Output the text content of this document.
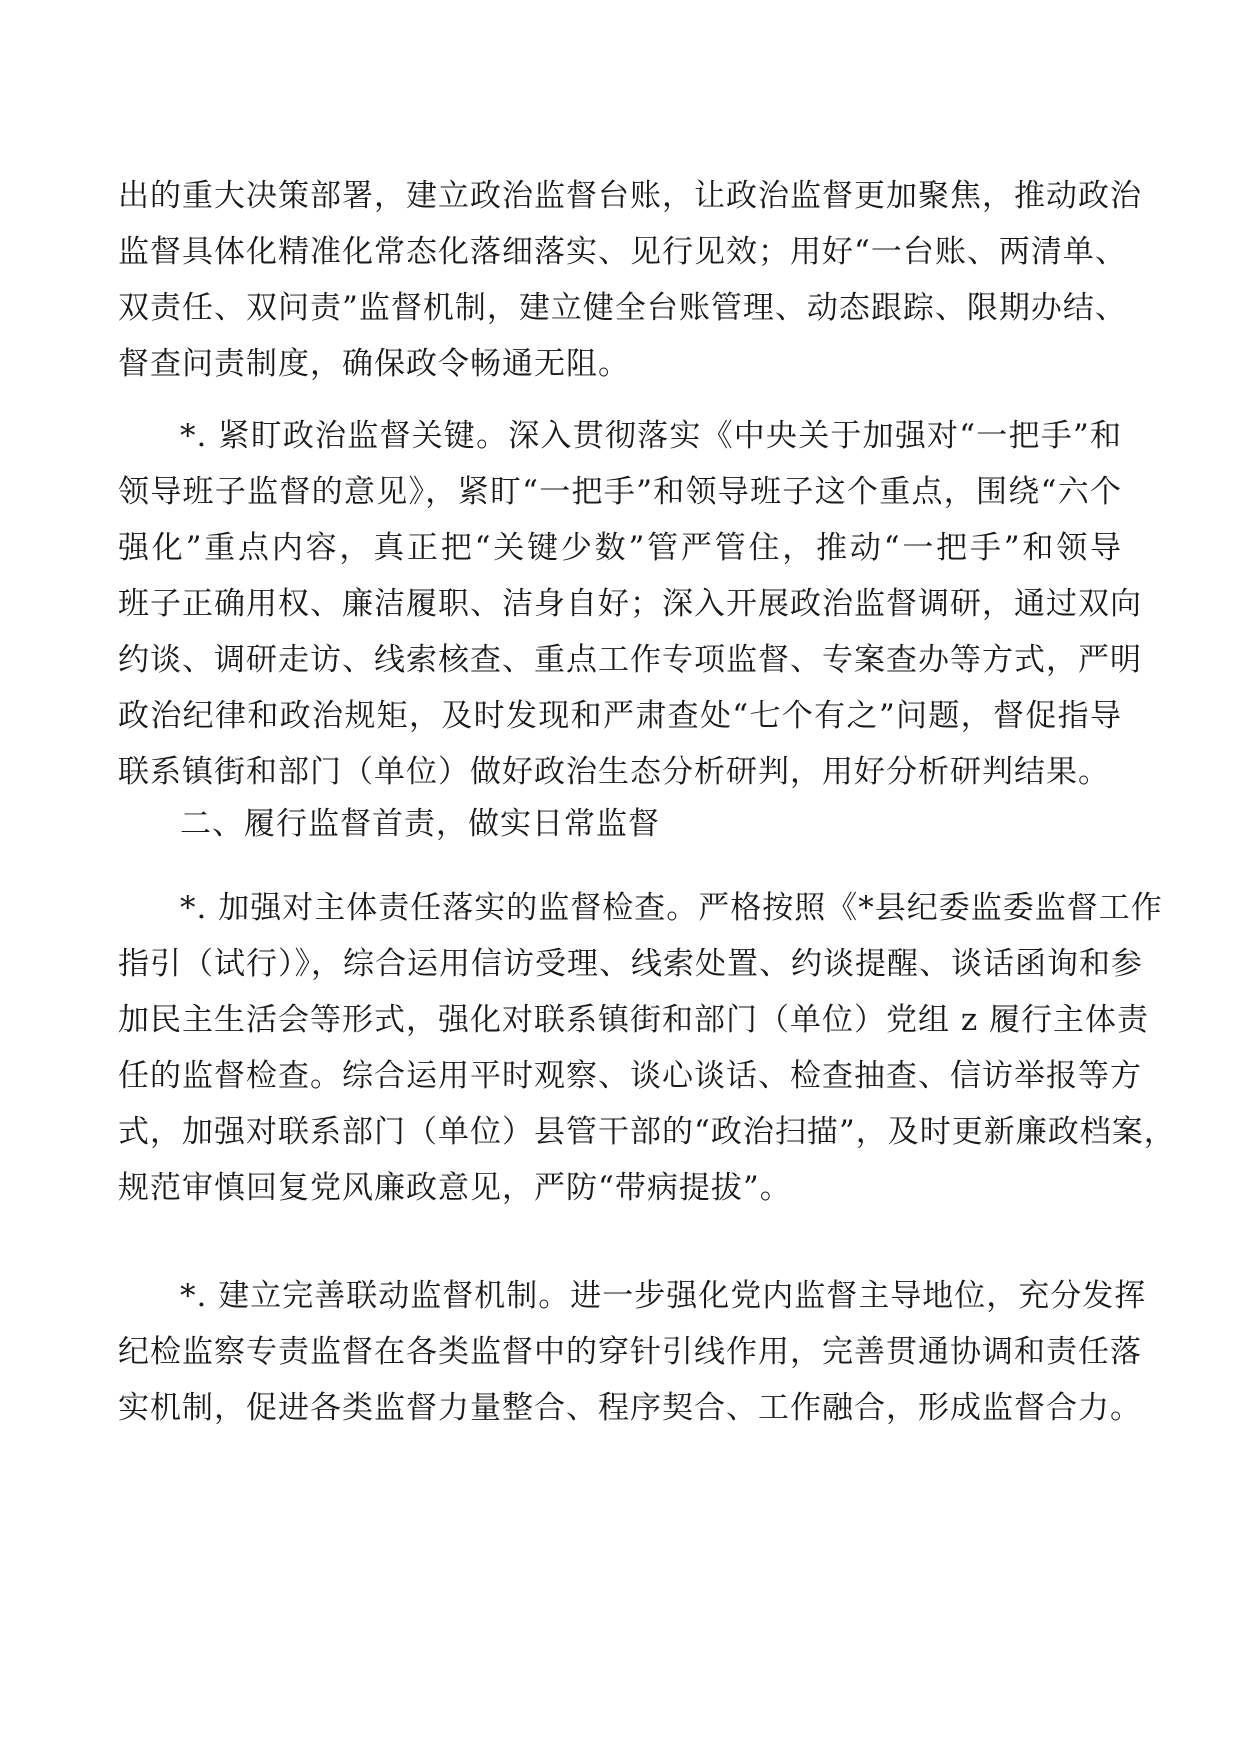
出的重大决策部署，建立政治监督台账，让政治监督更加聚焦，推动政治
监督具体化精准化常态化落细落实、见行见效；用好“一台账、两清单、
双责任、双问责”监督机制，建立健全台账管理、动态跟踪、限期办结、
督查问责制度，确保政令畅通无阻。
*. 紧盯政治监督关键。深入贯彻落实《中央关于加强对“一把手”和
领导班子监督的意见》，紧盯“一把手”和领导班子这个重点，围绕“六个
强化”重点内容，真正把“关键少数”管严管住，推动“一把手”和领导
班子正确用权、廉洁履职、洁身自好；深入开展政治监督调研，通过双向
约谈、调研走访、线索核查、重点工作专项监督、专案查办等方式，严明
政治纪律和政治规矩，及时发现和严肃查处“七个有之”问题，督促指导
联系镇街和部门（单位）做好政治生态分析研判，用好分析研判结果。
二、履行监督首责，做实日常监督
*. 加强对主体责任落实的监督检查。严格按照《*县纪委监委监督工作
指引（试行）》，综合运用信访受理、线索处置、约谈提醒、谈话函询和参
加民主生活会等形式，强化对联系镇街和部门（单位）党组 z 履行主体责
任的监督检查。综合运用平时观察、谈心谈话、检查抽查、信访举报等方
式，加强对联系部门（单位）县管干部的“政治扫描”，及时更新廉政档案，
规范审慎回复党风廉政意见，严防“带病提拔”。
*. 建立完善联动监督机制。进一步强化党内监督主导地位，充分发挥
纪检监察专责监督在各类监督中的穿针引线作用，完善贯通协调和责任落
实机制，促进各类监督力量整合、程序契合、工作融合，形成监督合力。
